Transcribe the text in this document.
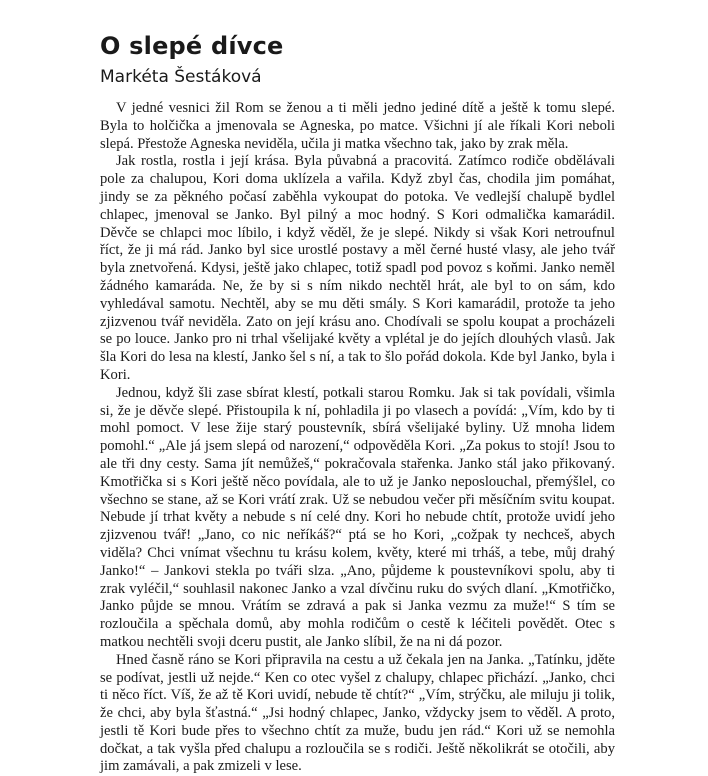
O slepé dívce
Markéta Šestáková

V jedné vesnici žil Rom se ženou a ti měli jedno jediné dítě a ještě k tomu slepé. Byla to holčička a jmenovala se Agneska, po matce. Všichni jí ale říkali Kori neboli slepá. Přestože Agneska neviděla, učila ji matka všechno tak, jako by zrak měla.

Jak rostla, rostla i její krása. Byla půvabná a pracovitá. Zatímco rodiče obdělávali pole za chalupou, Kori doma uklízela a vařila. Když zbyl čas, chodila jim pomáhat, jindy se za pěkného počasí zaběhla vykoupat do potoka. Ve vedlejší chalupě bydlel chlapec, jmenoval se Janko. Byl pilný a moc hodný. S Kori odmalička kamarádil. Děvče se chlapci moc líbilo, i když věděl, že je slepé. Nikdy si však Kori netroufnul říct, že ji má rád. Janko byl sice urostlé postavy a měl černé husté vlasy, ale jeho tvář byla znetvořená. Kdysi, ještě jako chlapec, totiž spadl pod povoz s koňmi. Janko neměl žádného kamaráda. Ne, že by si s ním nikdo nechtěl hrát, ale byl to on sám, kdo vyhledával samotu. Nechtěl, aby se mu děti smály. S Kori kamarádil, protože ta jeho zjizvenou tvář neviděla. Zato on její krásu ano. Chodívali se spolu koupat a procházeli se po louce. Janko pro ni trhal všelijaké květy a vplétal je do jejích dlouhých vlasů. Jak šla Kori do lesa na klestí, Janko šel s ní, a tak to šlo pořád dokola. Kde byl Janko, byla i Kori.

Jednou, když šli zase sbírat klestí, potkali starou Romku. Jak si tak povídali, všimla si, že je děvče slepé. Přistoupila k ní, pohladila ji po vlasech a povídá: „Vím, kdo by ti mohl pomoct. V lese žije starý poustevník, sbírá všelijaké byliny. Už mnoha lidem pomohl.“ „Ale já jsem slepá od narození,“ odpověděla Kori. „Za pokus to stojí! Jsou to ale tři dny cesty. Sama jít nemůžeš,“ pokračovala stařenka. Janko stál jako přikovaný. Kmotřička si s Kori ještě něco povídala, ale to už je Janko neposlouchal, přemýšlel, co všechno se stane, až se Kori vrátí zrak. Už se nebudou večer při měsíčním svitu koupat. Nebude jí trhat květy a nebude s ní celé dny. Kori ho nebude chtít, protože uvidí jeho zjizvenou tvář! „Jano, co nic neříkáš?“ ptá se ho Kori, „cožpak ty nechceš, abych viděla? Chci vnímat všechnu tu krásu kolem, květy, které mi trháš, a tebe, můj drahý Janko!“ – Jankovi stekla po tváři slza. „Ano, půjdeme k poustevníkovi spolu, aby ti zrak vyléčil,“ souhlasil nakonec Janko a vzal dívčinu ruku do svých dlaní. „Kmotřičko, Janko půjde se mnou. Vrátím se zdravá a pak si Janka vezmu za muže!“ S tím se rozloučila a spěchala domů, aby mohla rodičům o cestě k léčiteli povědět. Otec s matkou nechtěli svoji dceru pustit, ale Janko slíbil, že na ni dá pozor.

Hned časně ráno se Kori připravila na cestu a už čekala jen na Janka. „Tatínku, jděte se podívat, jestli už nejde.“ Ken co otec vyšel z chalupy, chlapec přichází. „Janko, chci ti něco říct. Víš, že až tě Kori uvidí, nebude tě chtít?“ „Vím, strýčku, ale miluju ji tolik, že chci, aby byla šťastná.“ „Jsi hodný chlapec, Janko, vždycky jsem to věděl. A proto, jestli tě Kori bude přes to všechno chtít za muže, budu jen rád.“ Kori už se nemohla dočkat, a tak vyšla před chalupu a rozloučila se s rodiči. Ještě několikrát se otočili, aby jim zamávali, a pak zmizeli v lese.
